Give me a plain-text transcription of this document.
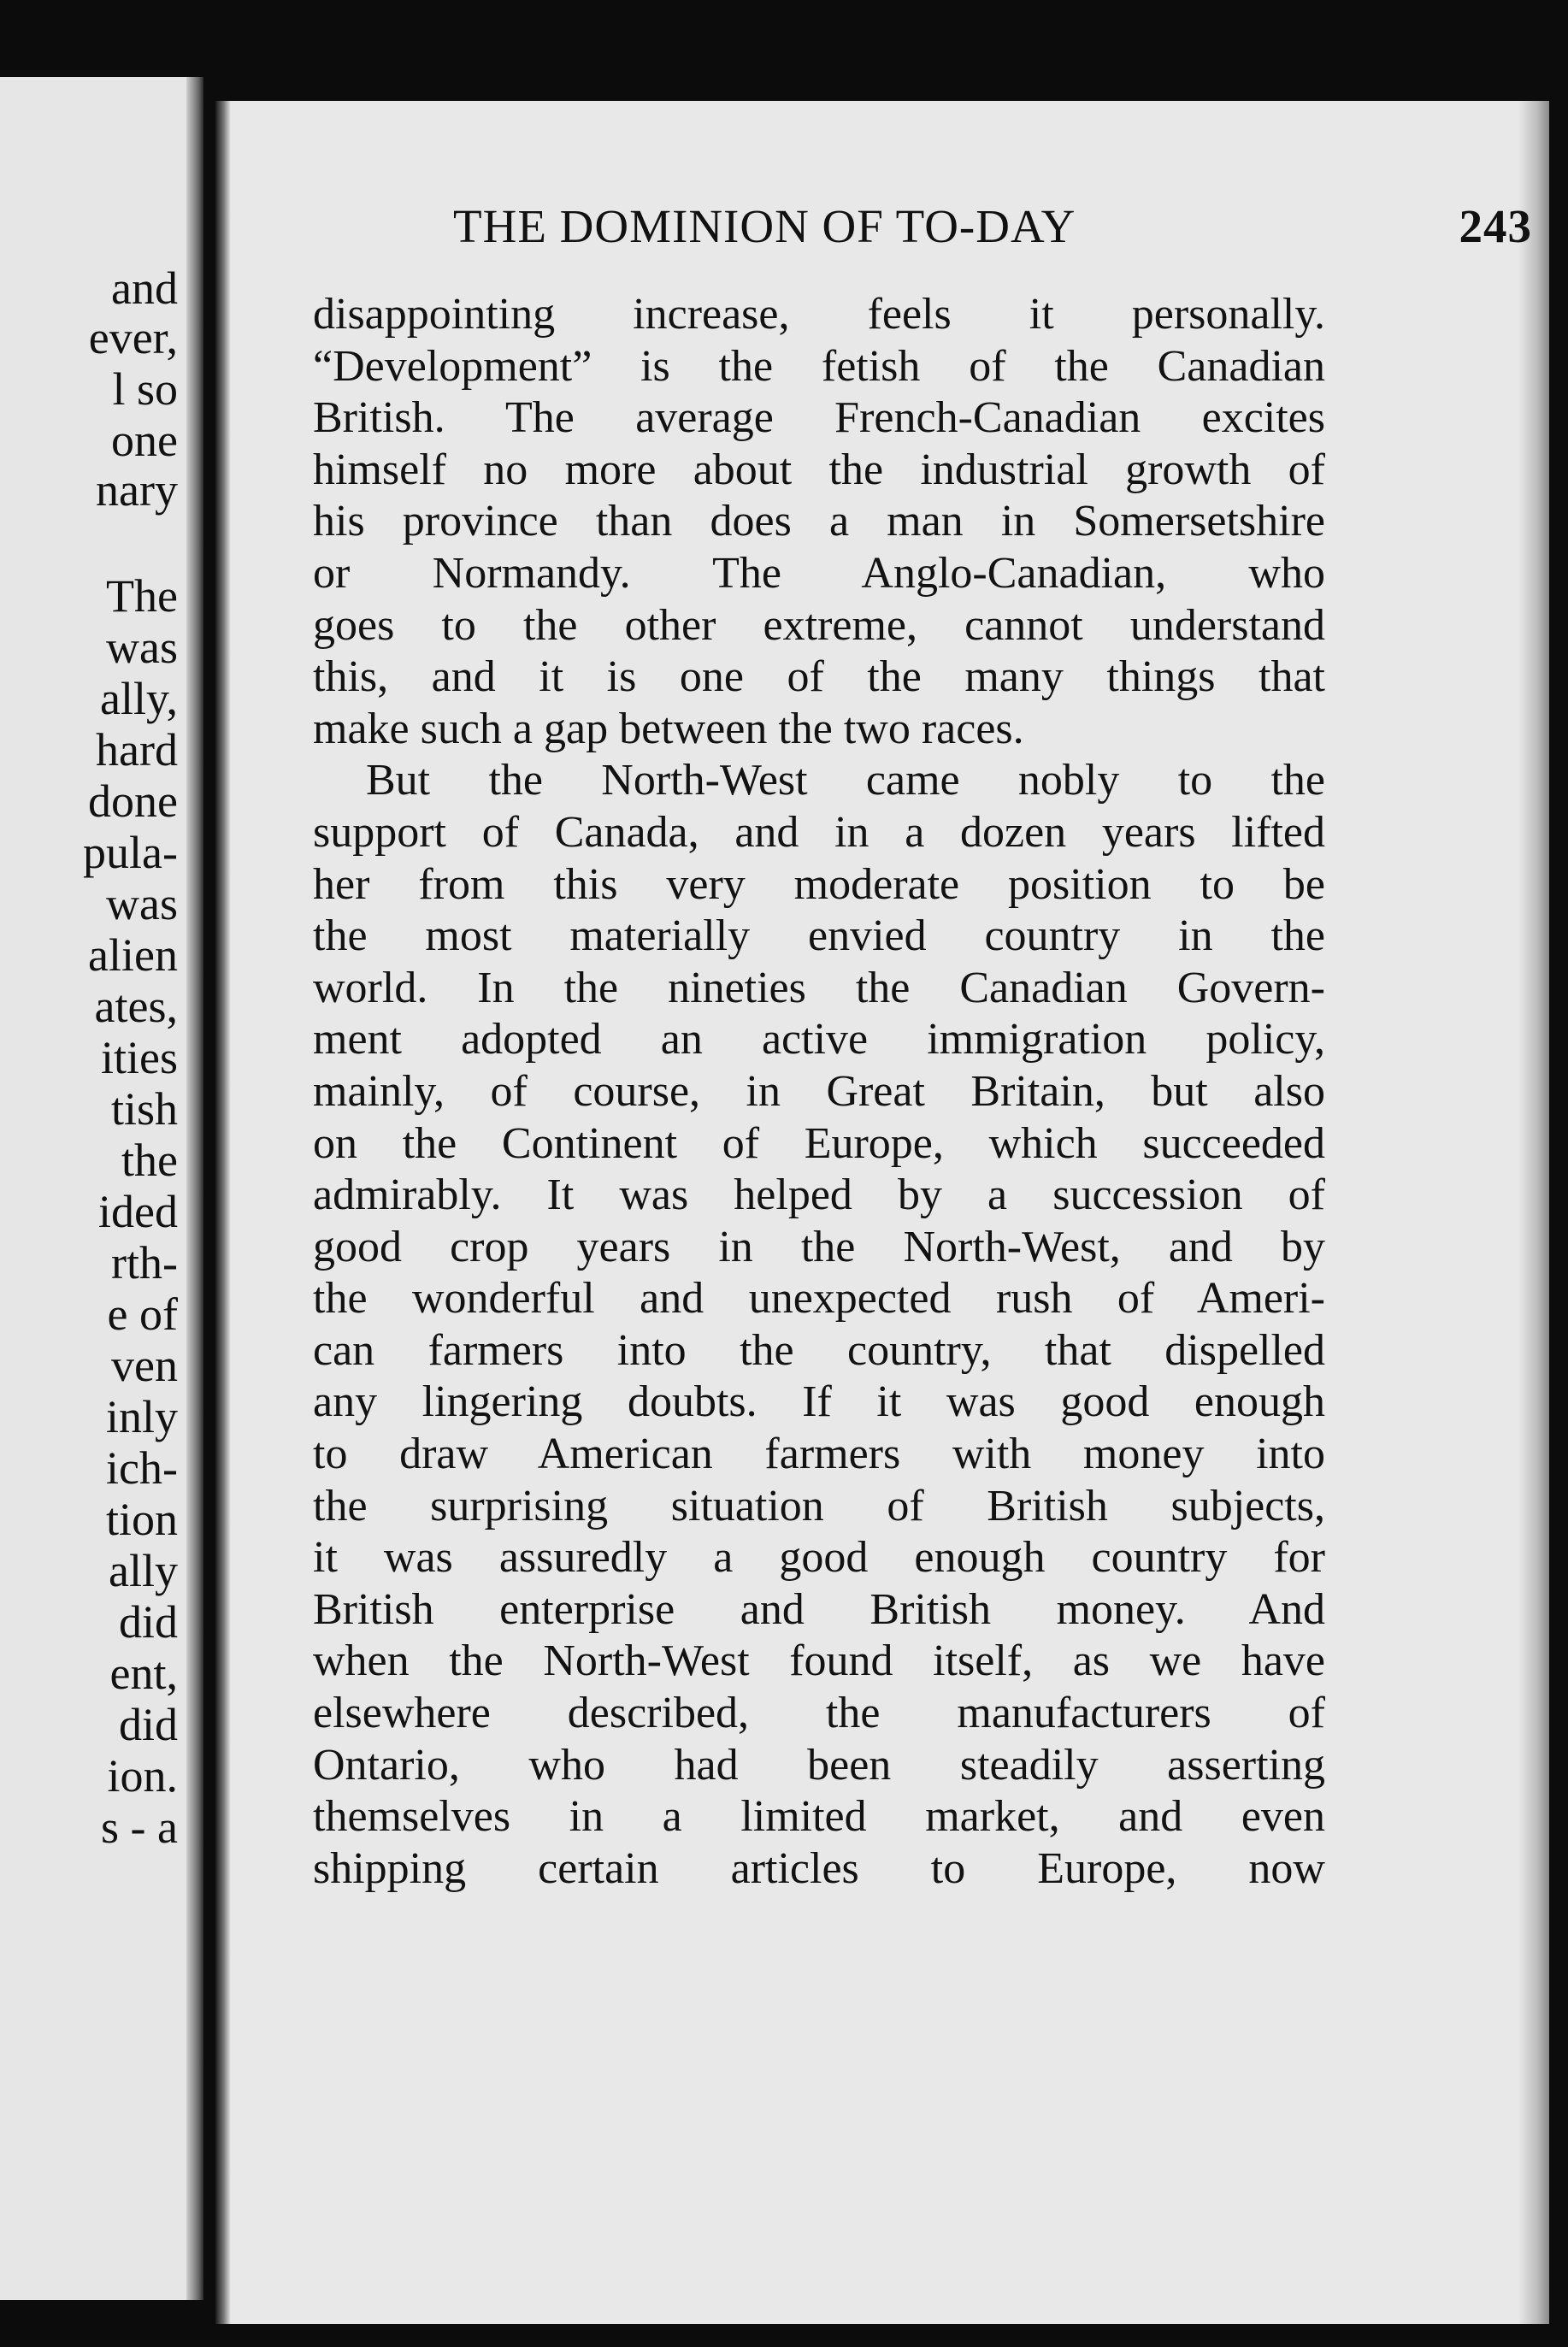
and
ever,
l so
one
nary
The
was
ally,
hard
done
pula-
was
alien
ates,
ities
tish
the
ided
rth-
e of
ven
inly
ich-
tion
ally
did
ent,
did
ion.
s - a
THE DOMINION OF TO-DAY	243
disappointing increase, feels it personally.
“Development” is the fetish of the Canadian
British. The average French-Canadian excites
himself no more about the industrial growth of
his province than does a man in Somersetshire
or Normandy. The Anglo-Canadian, who
goes to the other extreme, cannot understand
this, and it is one of the many things that
make such a gap between the two races.
But the North-West came nobly to the
support of Canada, and in a dozen years lifted
her from this very moderate position to be
the most materially envied country in the
world. In the nineties the Canadian Govern-
ment adopted an active immigration policy,
mainly, of course, in Great Britain, but also
on the Continent of Europe, which succeeded
admirably. It was helped by a succession of
good crop years in the North-West, and by
the wonderful and unexpected rush of Ameri-
can farmers into the country, that dispelled
any lingering doubts. If it was good enough
to draw American farmers with money into
the surprising situation of British subjects,
it was assuredly a good enough country for
British enterprise and British money. And
when the North-West found itself, as we have
elsewhere described, the manufacturers of
Ontario, who had been steadily asserting
themselves in a limited market, and even
shipping certain articles to Europe, now
